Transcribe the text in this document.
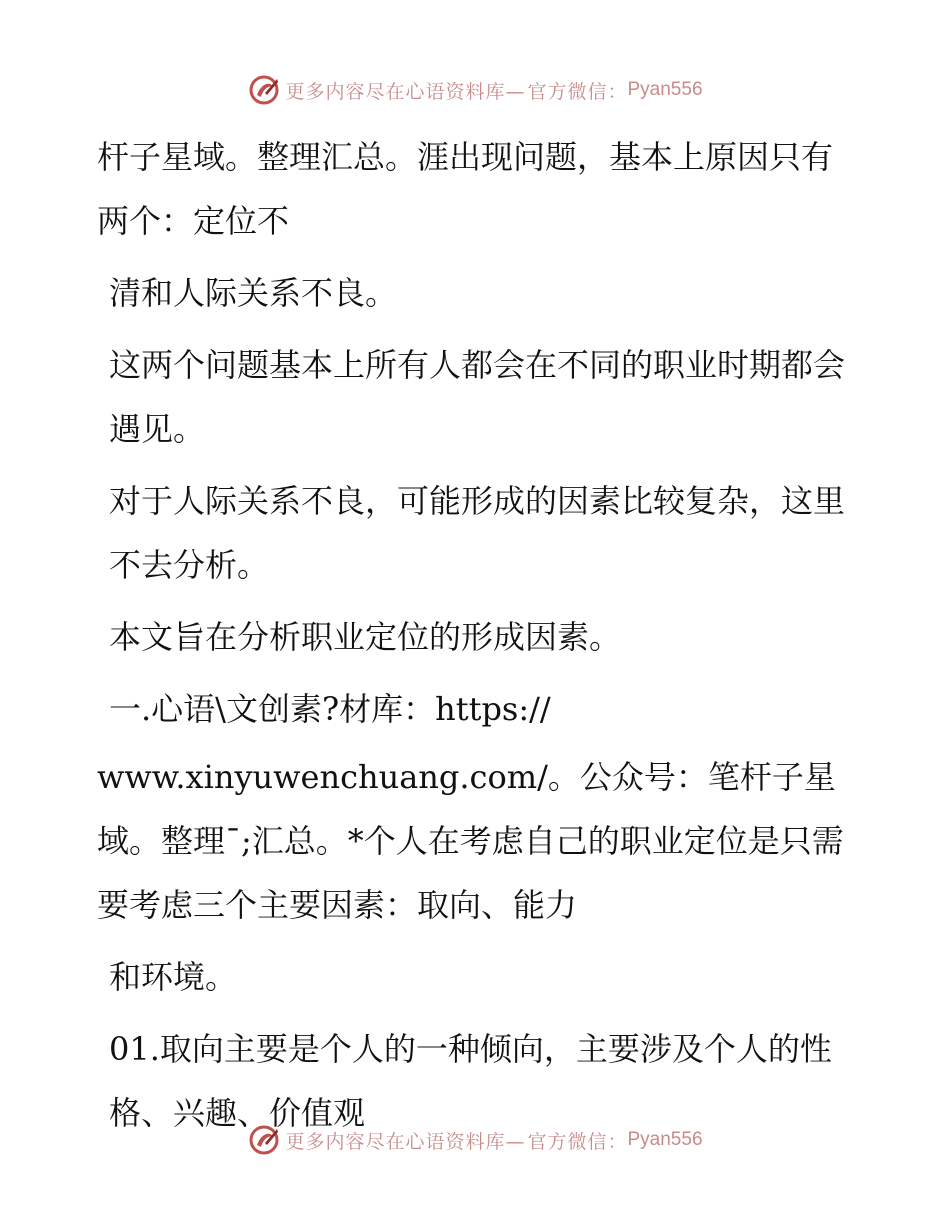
更多内容尽在心语资料库— 官方微信： Pyan556

杆子星域。整理汇总。涯出现问题，基本上原因只有两个：定位不

清和人际关系不良。

这两个问题基本上所有人都会在不同的职业时期都会遇见。

对于人际关系不良，可能形成的因素比较复杂，这里不去分析。

本文旨在分析职业定位的形成因素。

一.心语\文创素?材库：https://

www.xinyuwenchuang.com/。公众号：笔杆子星域。整理¯;汇总。*个人在考虑自己的职业定位是只需要考虑三个主要因素：取向、能力

和环境。

01.取向主要是个人的一种倾向，主要涉及个人的性格、兴趣、价值观

更多内容尽在心语资料库— 官方微信： Pyan556
